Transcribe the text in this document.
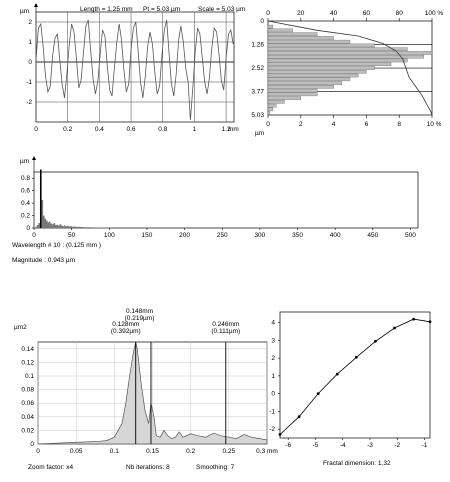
µm	Length = 1.25 mm Pt = 5.03 µm	Scale = 5.03 µm
2
1
0
-1
-2
0	0.2	0.4	0.6	0.8	1	1.2
mm
0	20	40	60	80	100 %
0	2	4	6	8	10 %
µm
0
1.26
2.52
3.77
5.03
µm
0.8
0.6
0.4
0.2
0
0	50	100	150	200	250	300	350	400	450	500
Wavelength # 10 : (0.125 mm )
Magnitude : 0.943 µm
µm2
0.14
0.12
0.1
0.08
0.06
0.04
0.02
0
0	0.05	0.1	0.15	0.2	0.25	0.3 mm
0.148mm
(0.219µm)
0.128mm
(0.392µm)
0.246mm
(0.111µm)
Zoom factor: x4	Nb iterations: 8	Smoothing: 7
4
3
2
1
0
-1
-2
-6	-5	-4	-3	-2	-1
Fractal dimension: 1.32
